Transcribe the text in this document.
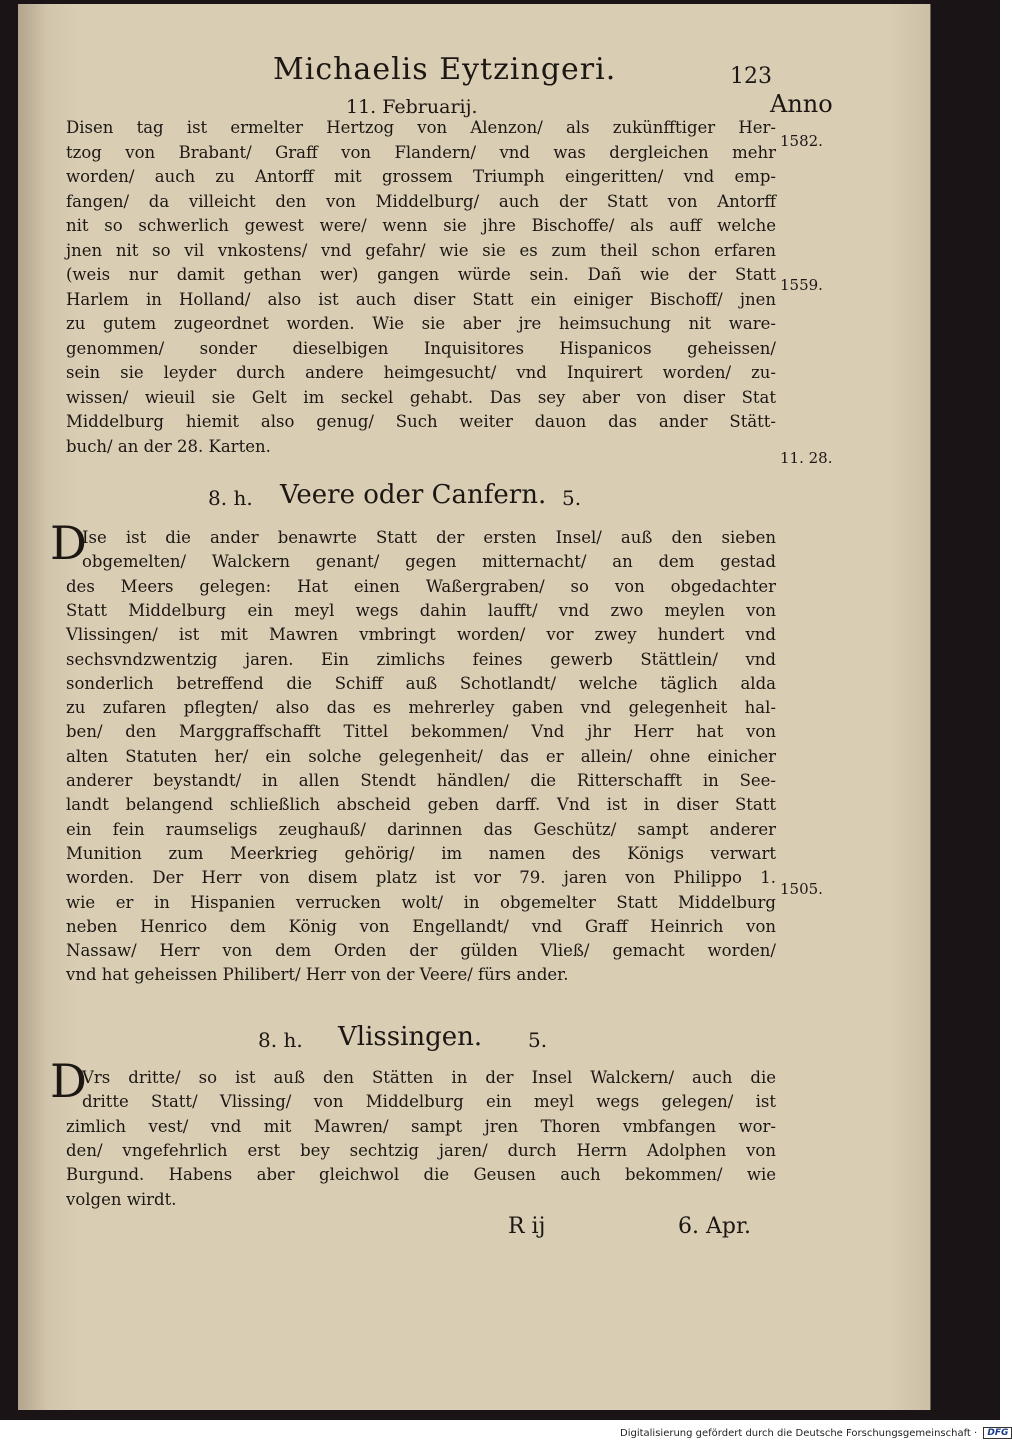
Michaelis Eytzingeri.	123
Anno
11. Februarij.
Disen tag ist ermelter Hertzog von Alenzon/ als zukünfftiger Her-
tzog von Brabant/ Graff von Flandern/ vnd was dergleichen mehr
worden/ auch zu Antorff mit grossem Triumph eingeritten/ vnd emp-
fangen/ da villeicht den von Middelburg/ auch der Statt von Antorff
nit so schwerlich gewest were/ wenn sie jhre Bischoffe/ als auff welche
jnen nit so vil vnkostens/ vnd gefahr/ wie sie es zum theil schon erfaren
(weis nur damit gethan wer) gangen würde sein. Dañ wie der Statt
Harlem in Holland/ also ist auch diser Statt ein einiger Bischoff/ jnen
zu gutem zugeordnet worden. Wie sie aber jre heimsuchung nit ware-
genommen/ sonder dieselbigen Inquisitores Hispanicos geheissen/
sein sie leyder durch andere heimgesucht/ vnd Inquirert worden/ zu-
wissen/ wieuil sie Gelt im seckel gehabt. Das sey aber von diser Stat
Middelburg hiemit also genug/ Such weiter dauon das ander Stätt-
buch/ an der 28. Karten.
1582.
1559.
11. 28.
8. h. Veere oder Canfern. 5.
D
Ise ist die ander benawrte Statt der ersten Insel/ auß den sieben
obgemelten/ Walckern genant/ gegen mitternacht/ an dem gestad
des Meers gelegen: Hat einen Waßergraben/ so von obgedachter
Statt Middelburg ein meyl wegs dahin laufft/ vnd zwo meylen von
Vlissingen/ ist mit Mawren vmbringt worden/ vor zwey hundert vnd
sechsvndzwentzig jaren. Ein zimlichs feines gewerb Stättlein/ vnd
sonderlich betreffend die Schiff auß Schotlandt/ welche täglich alda
zu zufaren pflegten/ also das es mehrerley gaben vnd gelegenheit hal-
ben/ den Marggraffschafft Tittel bekommen/ Vnd jhr Herr hat von
alten Statuten her/ ein solche gelegenheit/ das er allein/ ohne einicher
anderer beystandt/ in allen Stendt händlen/ die Ritterschafft in See-
landt belangend schließlich abscheid geben darff. Vnd ist in diser Statt
ein fein raumseligs zeughauß/ darinnen das Geschütz/ sampt anderer
Munition zum Meerkrieg gehörig/ im namen des Königs verwart
worden. Der Herr von disem platz ist vor 79. jaren von Philippo 1.
wie er in Hispanien verrucken wolt/ in obgemelter Statt Middelburg
neben Henrico dem König von Engellandt/ vnd Graff Heinrich von
Nassaw/ Herr von dem Orden der gülden Vließ/ gemacht worden/
vnd hat geheissen Philibert/ Herr von der Veere/ fürs ander.
1505.
8. h. Vlissingen. 5.
D
Vrs dritte/ so ist auß den Stätten in der Insel Walckern/ auch die
dritte Statt/ Vlissing/ von Middelburg ein meyl wegs gelegen/ ist
zimlich vest/ vnd mit Mawren/ sampt jren Thoren vmbfangen wor-
den/ vngefehrlich erst bey sechtzig jaren/ durch Herrn Adolphen von
Burgund. Habens aber gleichwol die Geusen auch bekommen/ wie
volgen wirdt.
R ij	6. Apr.
Digitalisierung gefördert durch die Deutsche Forschungsgemeinschaft · DFG
